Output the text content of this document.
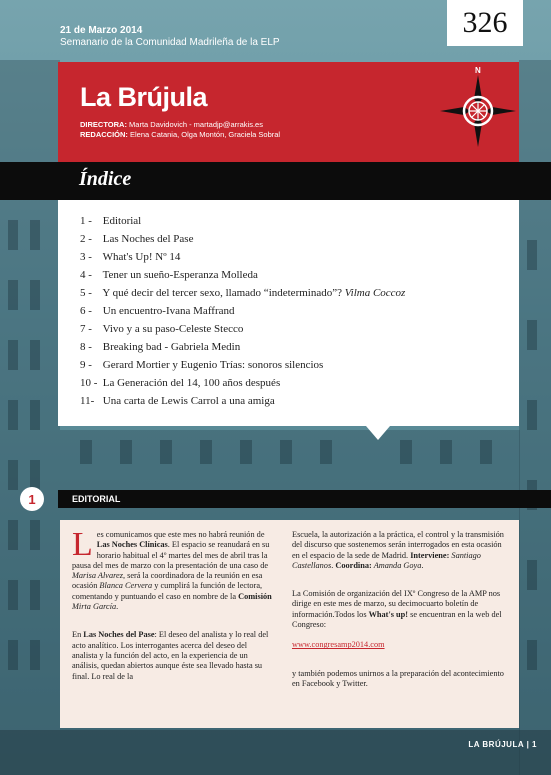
21 de Marzo 2014
Semanario de la Comunidad Madrileña de la ELP
326
La Brújula
DIRECTORA: Marta Davidovich - martadjp@arrakis.es
REDACCIÓN: Elena Catania, Olga Montón, Graciela Sobral
N
Índice
1 - Editorial
2 - Las Noches del Pase
3 - What's Up! Nº 14
4 - Tener un sueño-Esperanza Molleda
5 - Y qué decir del tercer sexo, llamado “indeterminado”? Vilma Coccoz
6 - Un encuentro-Ivana Maffrand
7 - Vivo y a su paso-Celeste Stecco
8 - Breaking bad - Gabriela Medin
9 - Gerard Mortier y Eugenio Trías: sonoros silencios
10 - La Generación del 14, 100 años después
11- Una carta de Lewis Carrol a una amiga
1	EDITORIAL

Les comunicamos que este mes no habrá reunión de Las Noches Clínicas. El espacio se reanudará en su horario habitual el 4º martes del mes de abril tras la pausa del mes de marzo con la presentación de una caso de Marisa Alvarez, será la coordinadora de la reunión en esa ocasión Blanca Cervera y cumplirá la función de lectora, comentando y puntuando el caso en nombre de la Comisión Mirta García.

En Las Noches del Pase: El deseo del analista y lo real del acto analítico. Los interrogantes acerca del deseo del analista y la función del acto, en la experiencia de un análisis, quedan abiertos aunque éste sea llevado hasta su final. Lo real de la

Escuela, la autorización a la práctica, el control y la transmisión del discurso que sostenemos serán interrogados en esta ocasión en el espacio de la sede de Madrid. Interviene: Santiago Castellanos. Coordina: Amanda Goya.

La Comisión de organización del IXº Congreso de la AMP nos dirige en este mes de marzo, su decimocuarto boletín de información.Todos los What's up! se encuentran en la web del Congreso:

www.congresamp2014.com

y también podemos unirnos a la preparación del acontecimiento en Facebook y Twitter.

LA BRÚJULA | 1
